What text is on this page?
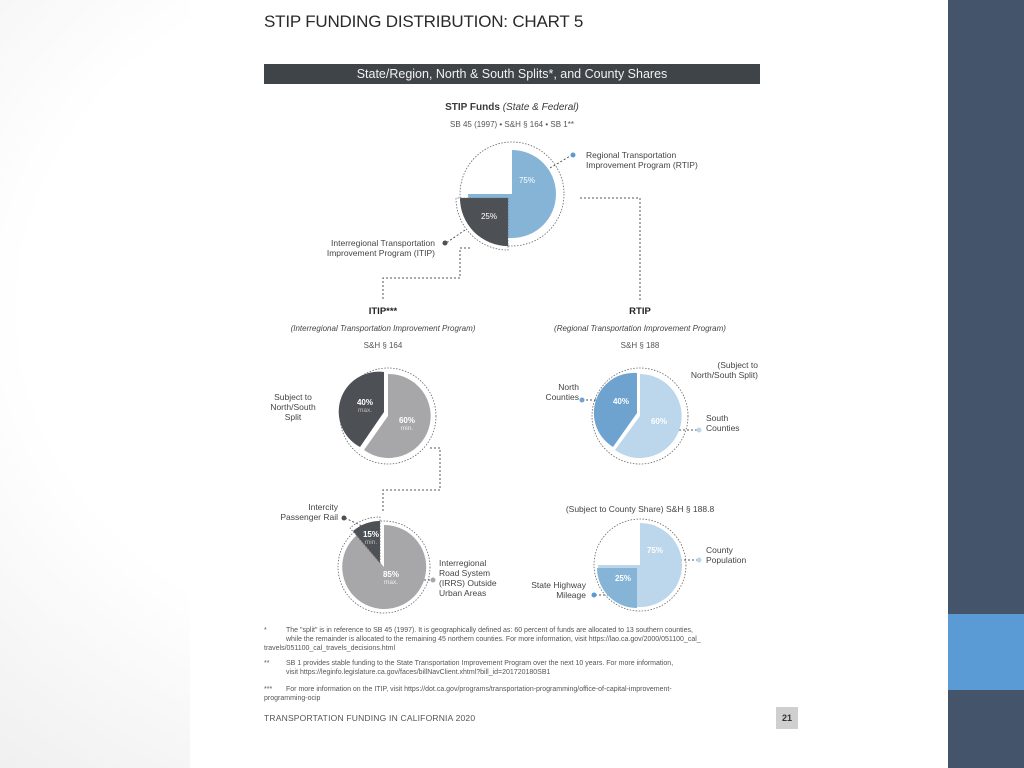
STIP FUNDING DISTRIBUTION: CHART 5
State/Region, North & South Splits*, and County Shares
STIP Funds (State & Federal)
SB 45 (1997) • S&H § 164 • SB 1**
75%
25%
Regional Transportation
Improvement Program (RTIP)
Interregional Transportation
Improvement Program (ITIP)
ITIP***
(Interregional Transportation Improvement Program)
S&H § 164
RTIP
(Regional Transportation Improvement Program)
S&H § 188
40%
max.
60%
min.
Subject to
North/South
Split
Intercity
Passenger Rail
15%
min.
85%
max.
Interregional
Road System
(IRRS) Outside
Urban Areas
(Subject to
North/South Split)
North
Counties	40%
60%	South
Counties
(Subject to County Share) S&H § 188.8
75%
25%
County
Population
State Highway
Mileage
*	The "split" is in reference to SB 45 (1997). It is geographically defined as: 60 percent of funds are allocated to 13 southern counties,
while the remainder is allocated to the remaining 45 northern counties. For more information, visit https://lao.ca.gov/2000/051100_cal_
travels/051100_cal_travels_decisions.html
**	SB 1 provides stable funding to the State Transportation Improvement Program over the next 10 years. For more information,
visit https://leginfo.legislature.ca.gov/faces/billNavClient.xhtml?bill_id=201720180SB1
***	For more information on the ITIP, visit https://dot.ca.gov/programs/transportation-programming/office-of-capital-improvement-
programming-ocip
TRANSPORTATION FUNDING IN CALIFORNIA 2020	21
